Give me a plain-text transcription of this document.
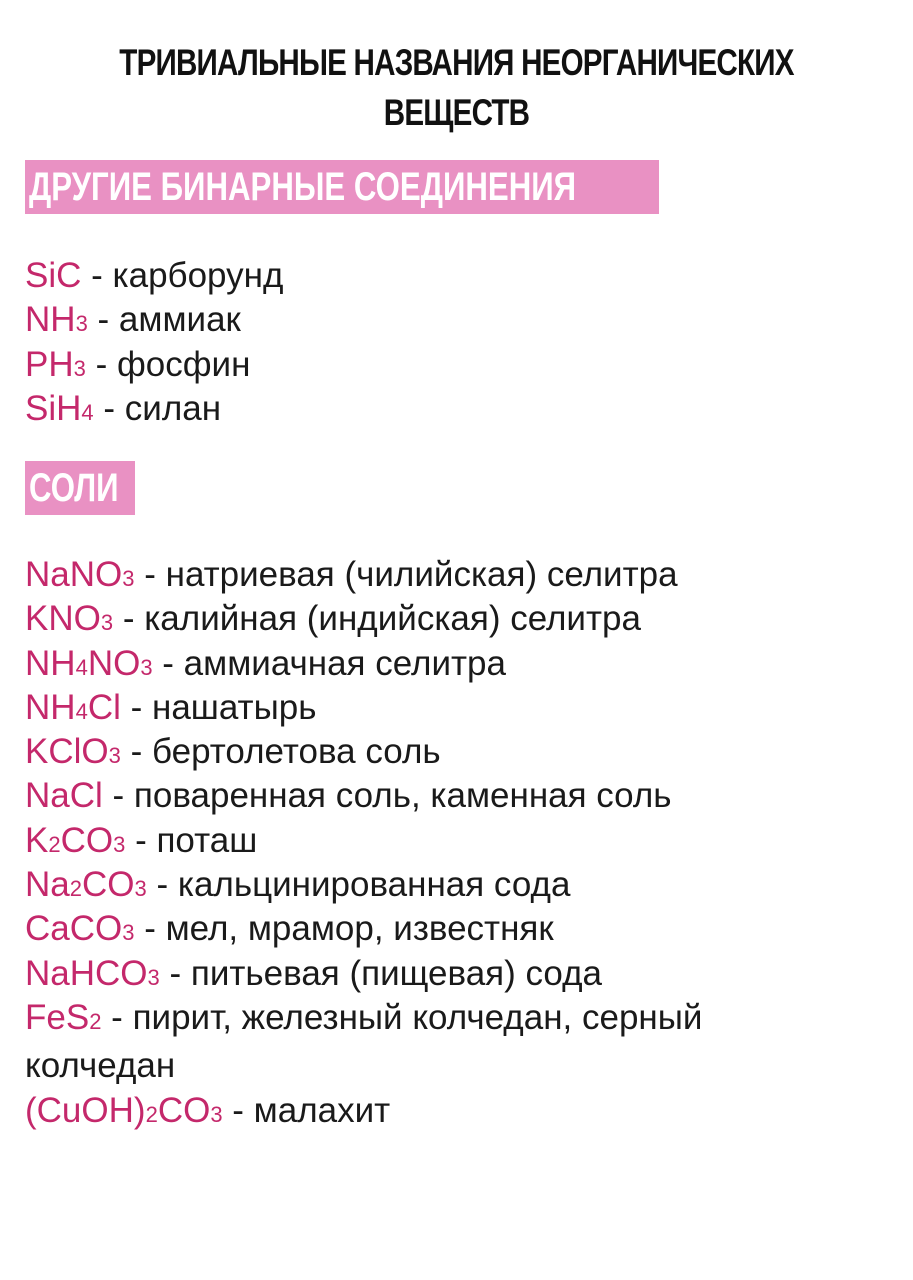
ТРИВИАЛЬНЫЕ НАЗВАНИЯ НЕОРГАНИЧЕСКИХ
ВЕЩЕСТВ
ДРУГИЕ БИНАРНЫЕ СОЕДИНЕНИЯ
SiC - карборунд
NH3 - аммиак
PH3 - фосфин
SiH4 - силан
СОЛИ
NaNO3 - натриевая (чилийская) селитра
KNO3 - калийная (индийская) селитра
NH4NO3 - аммиачная селитра
NH4Cl - нашатырь
KClO3 - бертолетова соль
NaCl - поваренная соль, каменная соль
K2CO3 - поташ
Na2CO3 - кальцинированная сода
CaCO3 - мел, мрамор, известняк
NaHCO3 - питьевая (пищевая) сода
FeS2 - пирит, железный колчедан, серный колчедан
(CuOH)2CO3 - малахит
